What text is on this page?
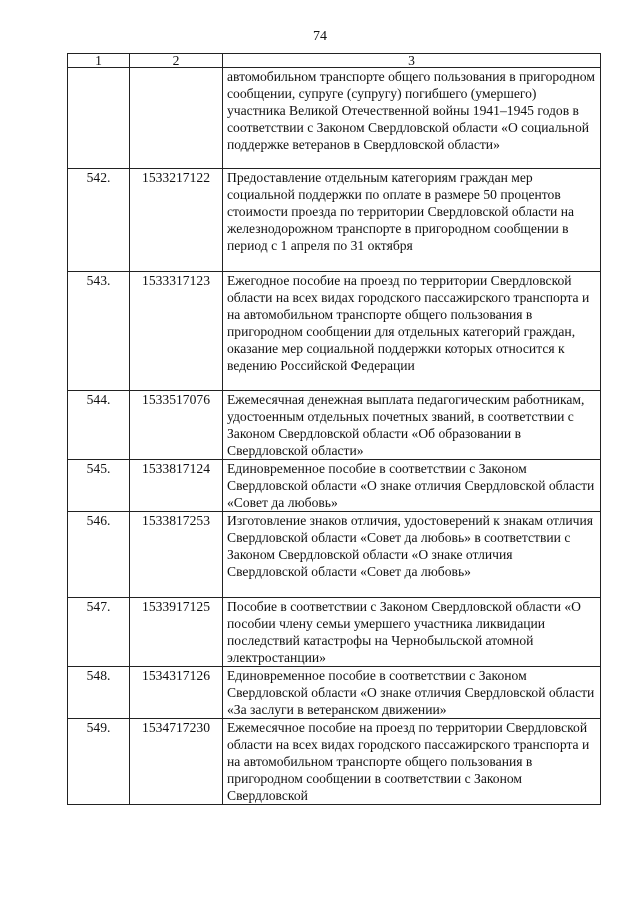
74
1	2	3
		автомобильном транспорте общего пользования в пригородном сообщении, супруге (супругу) погибшего (умершего) участника Великой Отечественной войны 1941–1945 годов в соответствии с Законом Свердловской области «О социальной поддержке ветеранов в Свердловской области»
542.	1533217122	Предоставление отдельным категориям граждан мер социальной поддержки по оплате в размере 50 процентов стоимости проезда по территории Свердловской области на железнодорожном транспорте в пригородном сообщении в период с 1 апреля по 31 октября
543.	1533317123	Ежегодное пособие на проезд по территории Свердловской области на всех видах городского пассажирского транспорта и на автомобильном транспорте общего пользования в пригородном сообщении для отдельных категорий граждан, оказание мер социальной поддержки которых относится к ведению Российской Федерации
544.	1533517076	Ежемесячная денежная выплата педагогическим работникам, удостоенным отдельных почетных званий, в соответствии с Законом Свердловской области «Об образовании в Свердловской области»
545.	1533817124	Единовременное пособие в соответствии с Законом Свердловской области «О знаке отличия Свердловской области «Совет да любовь»
546.	1533817253	Изготовление знаков отличия, удостоверений к знакам отличия Свердловской области «Совет да любовь» в соответствии с Законом Свердловской области «О знаке отличия Свердловской области «Совет да любовь»
547.	1533917125	Пособие в соответствии с Законом Свердловской области «О пособии члену семьи умершего участника ликвидации последствий катастрофы на Чернобыльской атомной электростанции»
548.	1534317126	Единовременное пособие в соответствии с Законом Свердловской области «О знаке отличия Свердловской области «За заслуги в ветеранском движении»
549.	1534717230	Ежемесячное пособие на проезд по территории Свердловской области на всех видах городского пассажирского транспорта и на автомобильном транспорте общего пользования в пригородном сообщении в соответствии с Законом Свердловской
